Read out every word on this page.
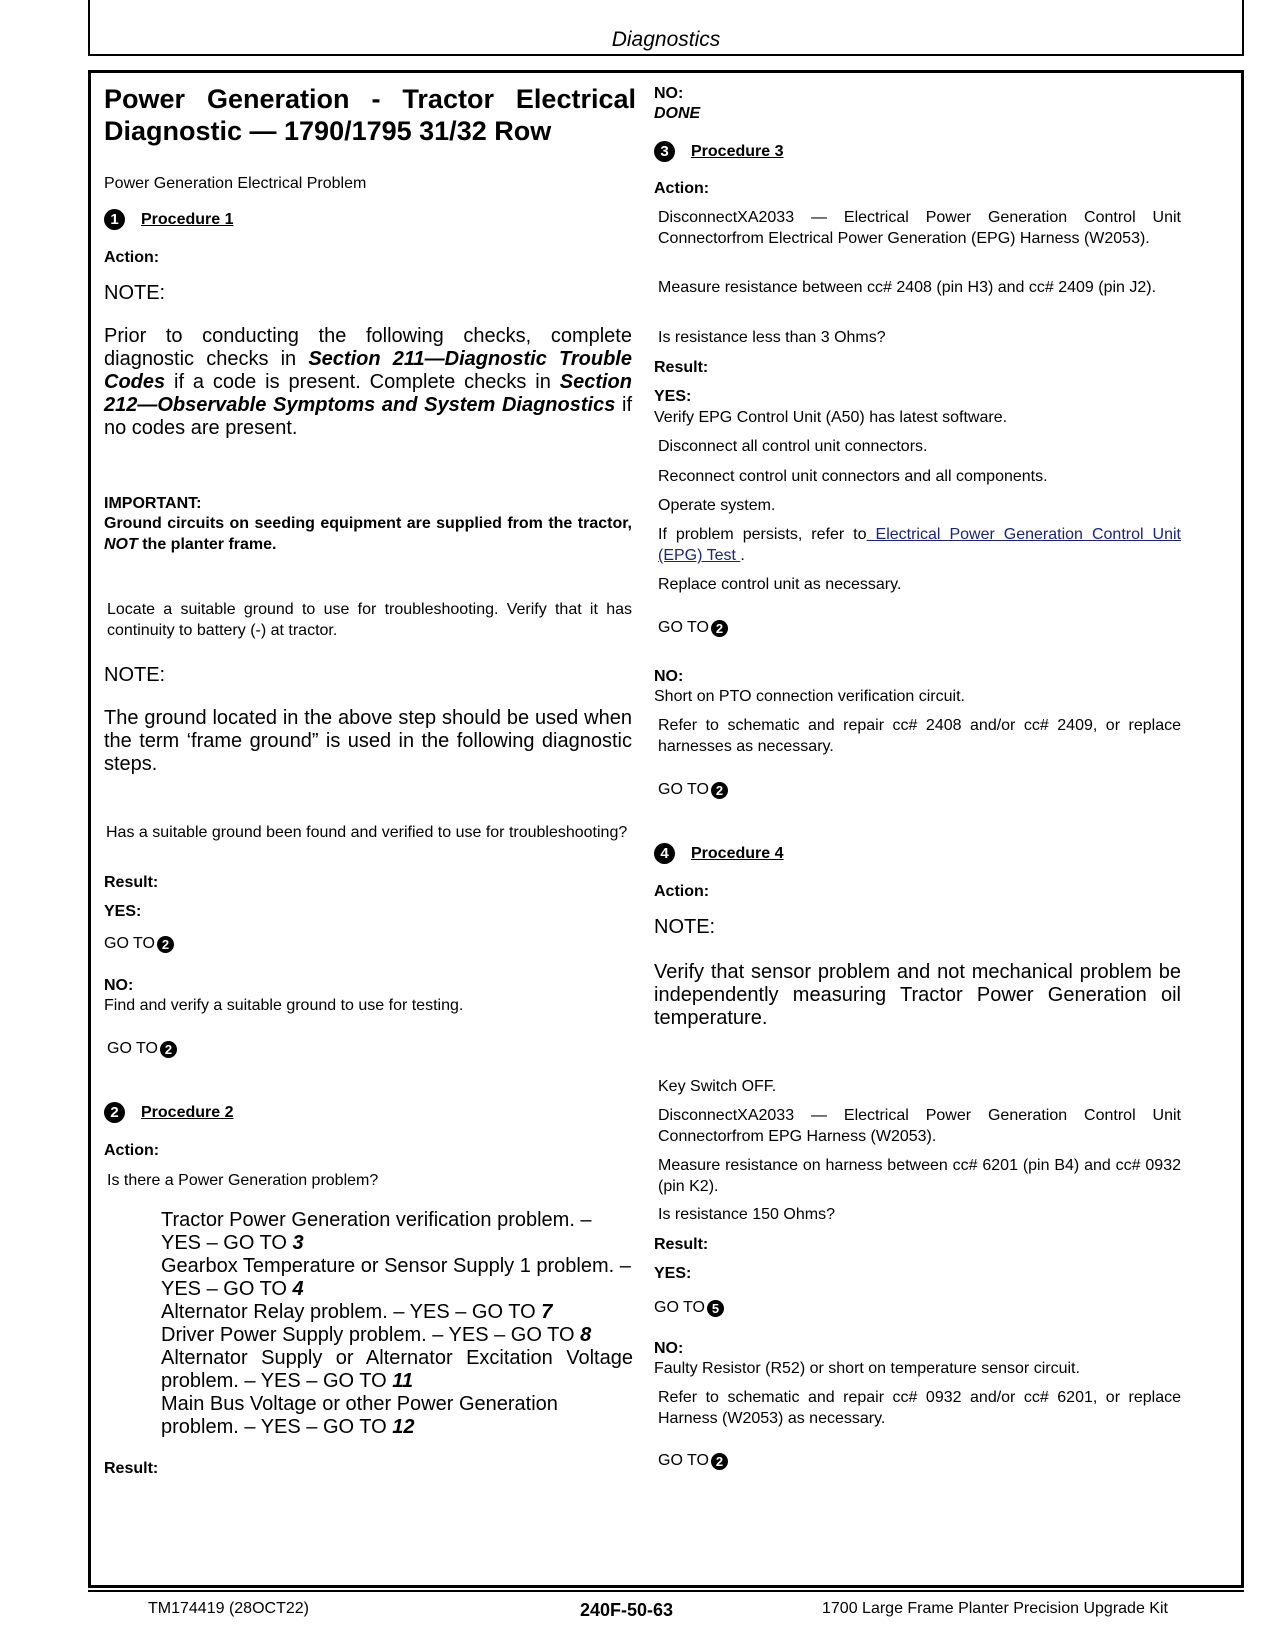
Diagnostics
Power Generation - Tractor Electrical Diagnostic — 1790/1795 31/32 Row
Power Generation Electrical Problem
1	Procedure 1
Action:
NOTE:
Prior to conducting the following checks, complete diagnostic checks in Section 211—Diagnostic Trouble Codes if a code is present. Complete checks in Section 212—Observable Symptoms and System Diagnostics if no codes are present.
IMPORTANT:
Ground circuits on seeding equipment are supplied from the tractor, NOT the planter frame.
Locate a suitable ground to use for troubleshooting. Verify that it has continuity to battery (-) at tractor.
NOTE:
The ground located in the above step should be used when the term ‘frame ground” is used in the following diagnostic steps.
Has a suitable ground been found and verified to use for troubleshooting?
Result:
YES:
GO TO 2
NO:
Find and verify a suitable ground to use for testing.
GO TO 2
2	Procedure 2
Action:
Is there a Power Generation problem?
Tractor Power Generation verification problem. – YES – GO TO 3
Gearbox Temperature or Sensor Supply 1 problem. – YES – GO TO 4
Alternator Relay problem. – YES – GO TO 7
Driver Power Supply problem. – YES – GO TO 8
Alternator Supply or Alternator Excitation Voltage problem. – YES – GO TO 11
Main Bus Voltage or other Power Generation problem. – YES – GO TO 12
Result:
NO:
DONE
3	Procedure 3
Action:
DisconnectXA2033 — Electrical Power Generation Control Unit Connectorfrom Electrical Power Generation (EPG) Harness (W2053).
Measure resistance between cc# 2408 (pin H3) and cc# 2409 (pin J2).
Is resistance less than 3 Ohms?
Result:
YES:
Verify EPG Control Unit (A50) has latest software.
Disconnect all control unit connectors.
Reconnect control unit connectors and all components.
Operate system.
If problem persists, refer to Electrical Power Generation Control Unit (EPG) Test .
Replace control unit as necessary.
GO TO 2
NO:
Short on PTO connection verification circuit.
Refer to schematic and repair cc# 2408 and/or cc# 2409, or replace harnesses as necessary.
GO TO 2
4	Procedure 4
Action:
NOTE:
Verify that sensor problem and not mechanical problem be independently measuring Tractor Power Generation oil temperature.
Key Switch OFF.
DisconnectXA2033 — Electrical Power Generation Control Unit Connectorfrom EPG Harness (W2053).
Measure resistance on harness between cc# 6201 (pin B4) and cc# 0932 (pin K2).
Is resistance 150 Ohms?
Result:
YES:
GO TO 5
NO:
Faulty Resistor (R52) or short on temperature sensor circuit.
Refer to schematic and repair cc# 0932 and/or cc# 6201, or replace Harness (W2053) as necessary.
GO TO 2
TM174419 (28OCT22)	240F-50-63	1700 Large Frame Planter Precision Upgrade Kit
